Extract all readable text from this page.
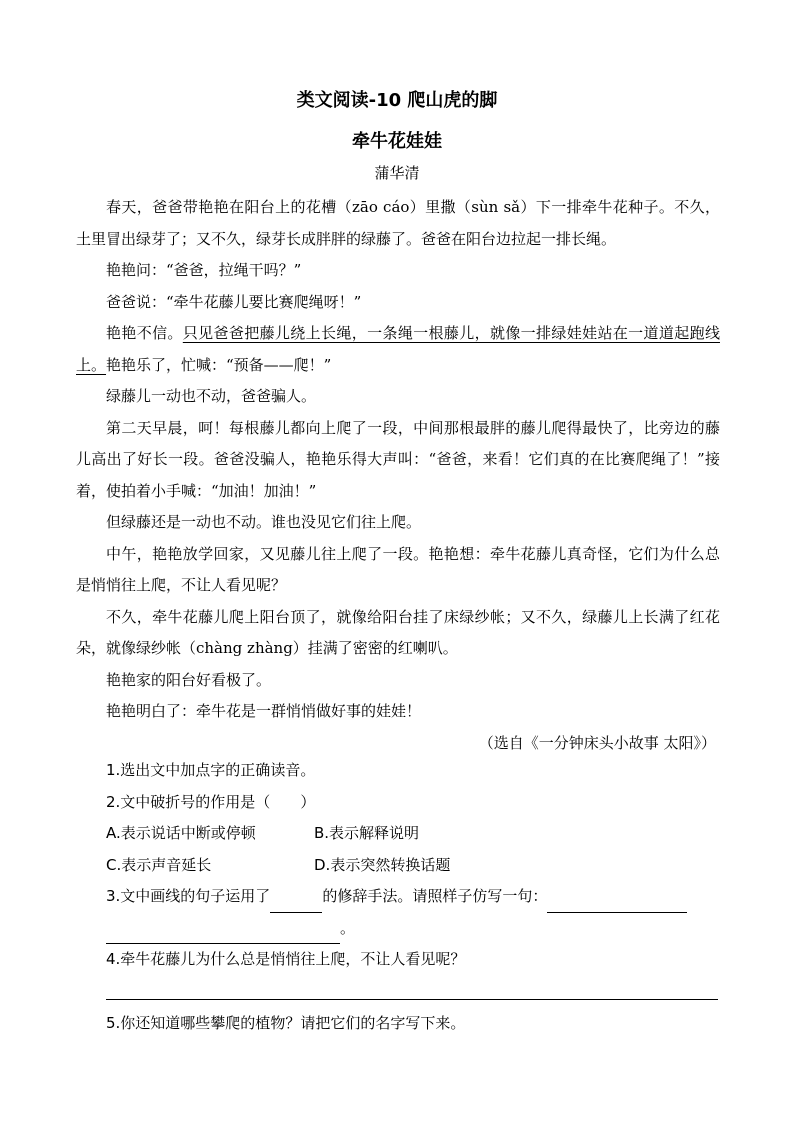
类文阅读-10 爬山虎的脚
牵牛花娃娃
蒲华清

春天，爸爸带艳艳在阳台上的花槽（zāo cáo）里撒（sùn sǎ）下一排牵牛花种子。不久，土里冒出绿芽了；又不久，绿芽长成胖胖的绿藤了。爸爸在阳台边拉起一排长绳。

艳艳问：“爸爸，拉绳干吗？”

爸爸说：“牵牛花藤儿要比赛爬绳呀！”

艳艳不信。只见爸爸把藤儿绕上长绳，一条绳一根藤儿，就像一排绿娃娃站在一道道起跑线上。艳艳乐了，忙喊：“预备——爬！”

绿藤儿一动也不动，爸爸骗人。

第二天早晨，呵！每根藤儿都向上爬了一段，中间那根最胖的藤儿爬得最快了，比旁边的藤儿高出了好长一段。爸爸没骗人，艳艳乐得大声叫：“爸爸，来看！它们真的在比赛爬绳了！”接着，使拍着小手喊：“加油！加油！”

但绿藤还是一动也不动。谁也没见它们往上爬。

中午，艳艳放学回家，又见藤儿往上爬了一段。艳艳想：牵牛花藤儿真奇怪，它们为什么总是悄悄往上爬，不让人看见呢？

不久，牵牛花藤儿爬上阳台顶了，就像给阳台挂了床绿纱帐；又不久，绿藤儿上长满了红花朵，就像绿纱帐（chàng zhàng）挂满了密密的红喇叭。

艳艳家的阳台好看极了。

艳艳明白了：牵牛花是一群悄悄做好事的娃娃！

（选自《一分钟床头小故事 太阳》）

1.选出文中加点字的正确读音。
2.文中破折号的作用是（　　）
A.表示说话中断或停顿	B.表示解释说明
C.表示声音延长	D.表示突然转换话题
3.文中画线的句子运用了	的修辞手法。请照样子仿写一句：
。
4.牵牛花藤儿为什么总是悄悄往上爬，不让人看见呢？
5.你还知道哪些攀爬的植物？请把它们的名字写下来。
